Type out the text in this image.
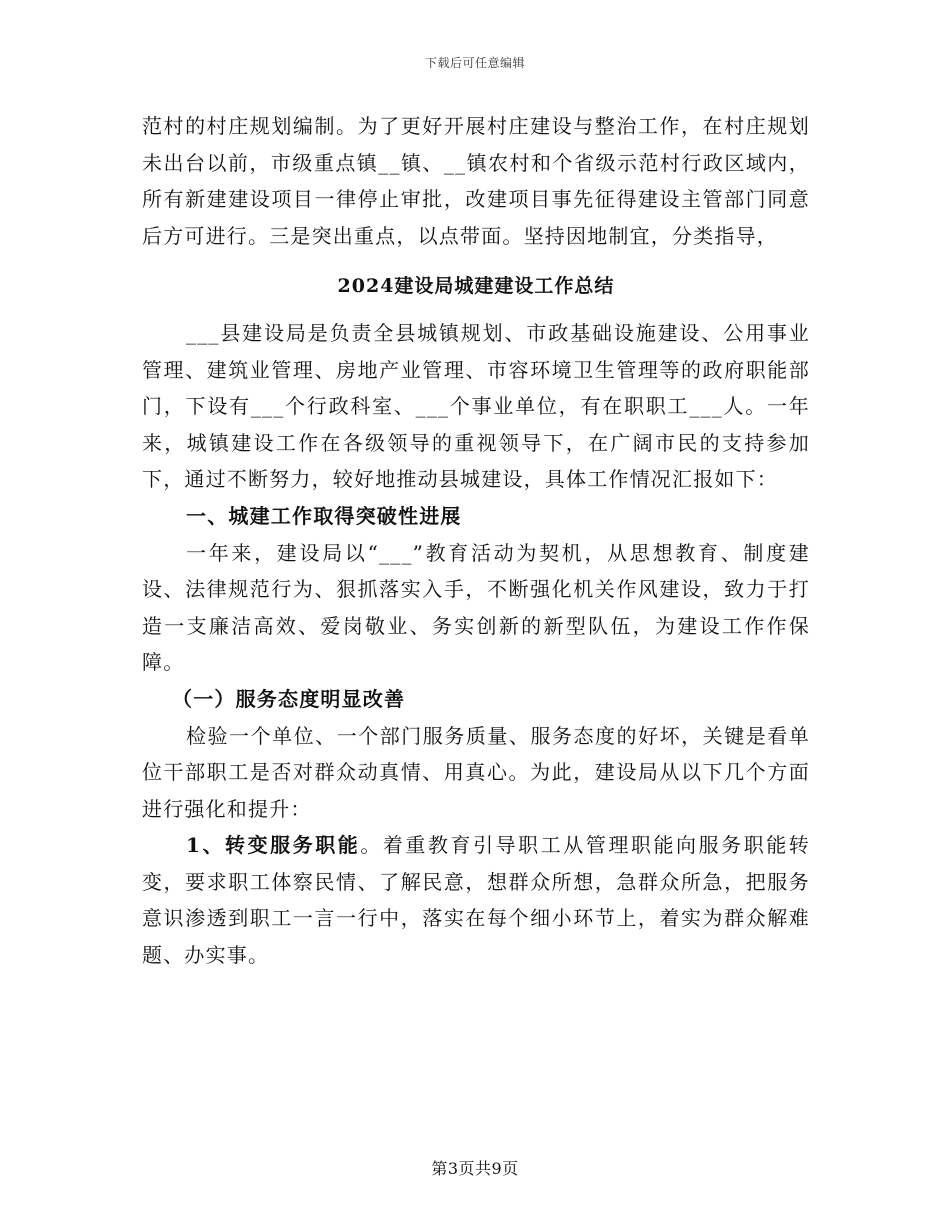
下载后可任意编辑

范村的村庄规划编制。为了更好开展村庄建设与整治工作，在村庄规划未出台以前，市级重点镇__镇、__镇农村和个省级示范村行政区域内，所有新建建设项目一律停止审批，改建项目事先征得建设主管部门同意后方可进行。三是突出重点，以点带面。坚持因地制宜，分类指导，

2024建设局城建建设工作总结

___县建设局是负责全县城镇规划、市政基础设施建设、公用事业管理、建筑业管理、房地产业管理、市容环境卫生管理等的政府职能部门，下设有___个行政科室、___个事业单位，有在职职工___人。一年来，城镇建设工作在各级领导的重视领导下，在广阔市民的支持参加下，通过不断努力，较好地推动县城建设，具体工作情况汇报如下：

一、城建工作取得突破性进展

一年来，建设局以“___”教育活动为契机，从思想教育、制度建设、法律规范行为、狠抓落实入手，不断强化机关作风建设，致力于打造一支廉洁高效、爱岗敬业、务实创新的新型队伍，为建设工作作保障。

（一）服务态度明显改善

检验一个单位、一个部门服务质量、服务态度的好坏，关键是看单位干部职工是否对群众动真情、用真心。为此，建设局从以下几个方面进行强化和提升：

1、转变服务职能。着重教育引导职工从管理职能向服务职能转变，要求职工体察民情、了解民意，想群众所想，急群众所急，把服务意识渗透到职工一言一行中，落实在每个细小环节上，着实为群众解难题、办实事。

第3页共9页
